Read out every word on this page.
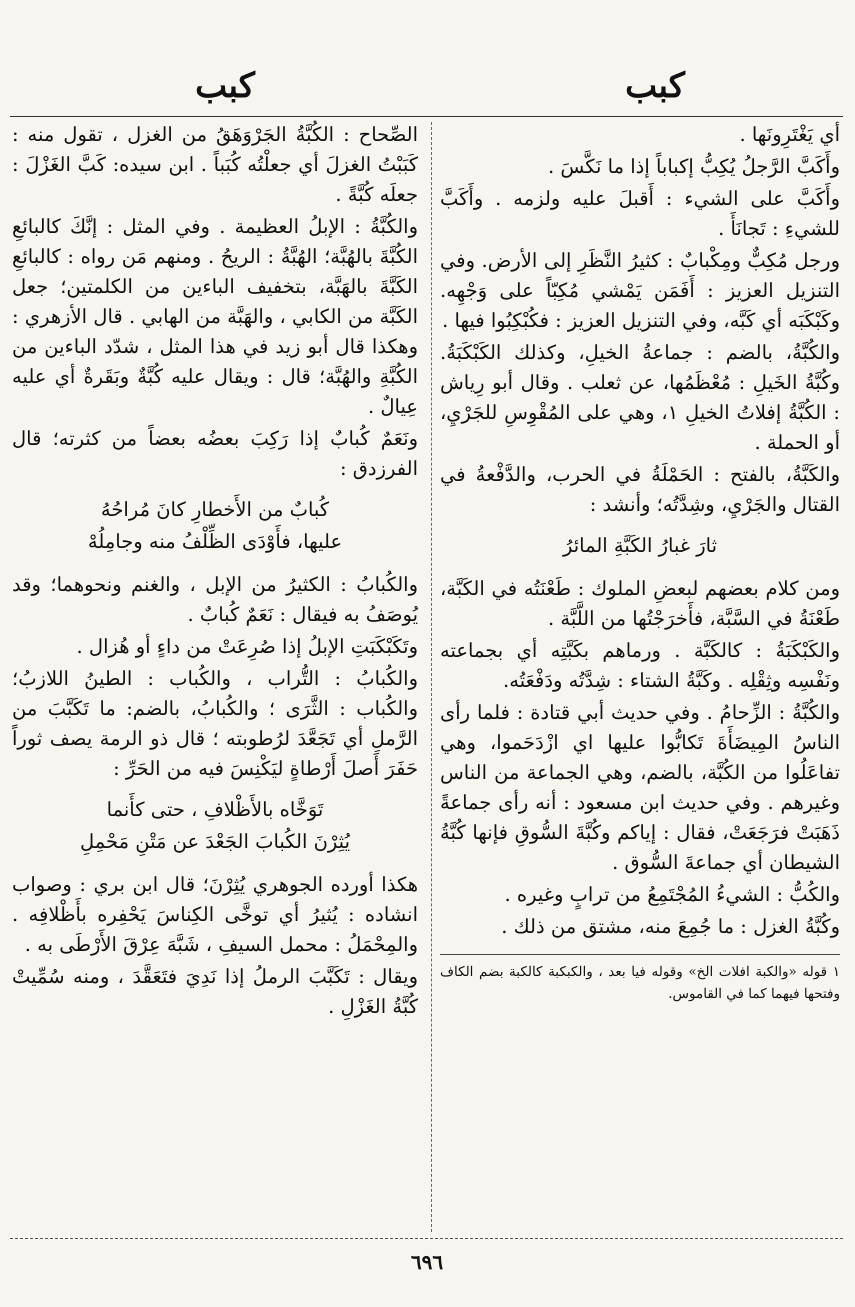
كبب
كبب

أي يَغْتَرِونَها .

وأَكَبَّ الرَّجلُ يُكِبُّ إكباباً إذا ما نَكَّسَ .

وأَكَبَّ على الشيء : أَقبلَ عليه ولزمه . وأَكَبَّ للشيءِ : تَجانَأَ .

ورجل مُكِبٌّ ومِكْبابٌ : كثيرُ النَّظَرِ إلى الأرض. وفي التنزيل العزيز : أَفَمَن يَمْشي مُكِبّاً على وَجْهِه. وكَبْكَبَه أي كَبَّه، وفي التنزيل العزيز : فكُبْكِبُوا فيها .

والكُبَّةُ، بالضم : جماعةُ الخيلِ، وكذلك الكَبْكَبَةُ. وكُبَّةُ الخَيلِ : مُعْظَمُها، عن ثعلب . وقال أبو رِياش : الكُبَّةُ إفلاتُ الخيلِ ١، وهي على المُقْوِسِ للجَرْيِ، أو الحملة .

والكَبَّةُ، بالفتح : الحَمْلَةُ في الحرب، والدَّفْعةُ في القتال والجَرْيِ، وشِدَّتُه؛ وأنشد :

ثارَ غبارُ الكَبَّةِ المائرُ

ومن كلام بعضهم لبعضِ الملوك : طَعْنَتُه في الكَبَّة، طَعْنَةُ في السَّبَّة، فأَخرَجْتُها من اللَّبَّة .

والكَبْكَبَةُ : كالكَبَّة . ورماهم بكَبَّتِه أي بجماعته ونَفْسِه وثِقْلِه . وكَبَّةُ الشتاء : شِدَّتُه ودَفْعَتُه.

والكُبَّةُ : الزِّحامُ . وفي حديث أبي قتادة : فلما رأى الناسُ المِيضَأَةَ تَكابُّوا عليها اي ازْدَحَموا، وهي تفاعَلُوا من الكُبَّة، بالضم، وهي الجماعة من الناس وغيرهم . وفي حديث ابن مسعود : أنه رأى جماعةً ذَهَبَتْ فرَجَعَتْ، فقال : إياكم وكُبَّةَ السُّوقِ فإنها كُبَّةُ الشيطان أي جماعةَ السُّوق .

والكُبُّ : الشيءُ المُجْتَمِعُ من ترابٍ وغيره .

وكُبَّةُ الغزل : ما جُمِعَ منه، مشتق من ذلك .

١ قوله «والكبة افلات الخ» وقوله فيا بعد ، والكبكبة كالكبة بضم الكاف وفتحها فيهما كما في القاموس.

الصِّحاح : الكُبَّةُ الجَرْوَهَقُ من الغزل ، تقول منه : كَبَبْتُ الغزلَ أي جعلْتُه كُبَباً . ابن سيده: كَبَّ الغَزْلَ : جعلَه كُبَّةً .

والكُبَّةُ : الإبلُ العظيمة . وفي المثل : إنَّكَ كالبائعِ الكُبَّةَ بالهُبَّة؛ الهُبَّةُ : الريحُ . ومنهم مَن رواه : كالبائعِ الكَبَّةَ بالهَبَّة، بتخفيف الباءين من الكلمتين؛ جعل الكَبَّة من الكابي ، والهَبَّة من الهابي . قال الأزهري : وهكذا قال أبو زيد في هذا المثل ، شدّد الباءين من الكُبَّةِ والهُبَّة؛ قال : ويقال عليه كُبَّةٌ وبَقَرةٌ أي عليه عِيالٌ .

ونَعَمٌ كُبابٌ إذا رَكِبَ بعضُه بعضاً من كثرته؛ قال الفرزدق :

كُبابٌ من الأَخطارِ كانَ مُراحُهُ
عليها، فأَوْدَى الظِّلْفُ منه وجامِلُهْ

والكُبابُ : الكثيرُ من الإبل ، والغنم ونحوهما؛ وقد يُوصَفُ به فيقال : نَعَمٌ كُبابٌ .

وتَكَبْكَبَتِ الإبلُ إذا صُرِعَتْ من داءٍ أو هُزال .

والكُبابُ : التُّراب ، والكُباب : الطينُ اللازبُ؛ والكُباب : الثَّرَى ؛ والكُبابُ، بالضم: ما تَكَبَّبَ من الرَّملِ أي تَجَعَّدَ لرُطوبته ؛ قال ذو الرمة يصف ثوراً حَفَرَ أَصلَ أَرْطاةٍ ليَكْنِسَ فيه من الحَرِّ :

تَوَخَّاه بالأَظْلافِ ، حتى كأَنما
يُثِرْنَ الكُبابَ الجَعْدَ عن مَتْنِ مَحْمِلِ

هكذا أورده الجوهري يُثِرْنَ؛ قال ابن بري : وصواب انشاده : يُثيرُ أي توخَّى الكِناسَ يَحْفِره بأَظْلافِه . والمِحْمَلُ : محمل السيفِ ، شَبَّهَ عِرْقَ الأَرْطَى به .

ويقال : تَكَبَّبَ الرملُ إذا نَدِيَ فتَعَقَّدَ ، ومنه سُمِّيتْ كُبَّةُ الغَزْلِ .

٦٩٦
